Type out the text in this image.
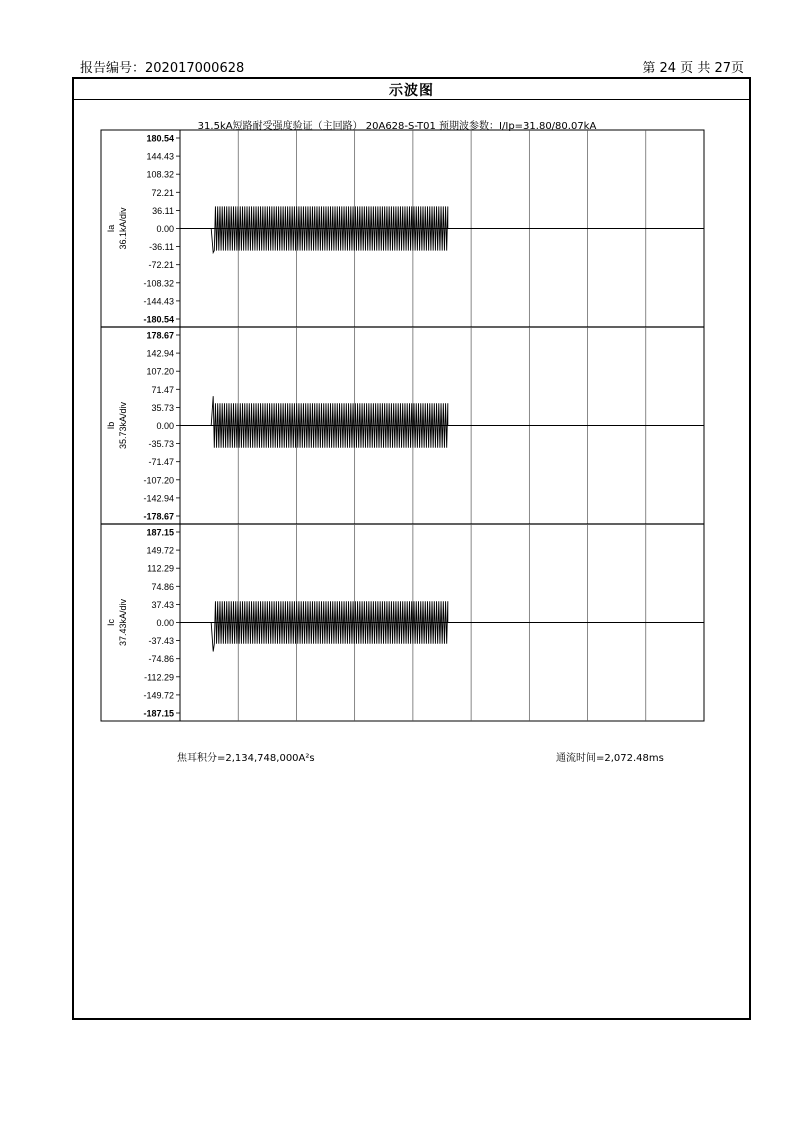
报告编号：202017000628	第 24 页 共 27页
示波图
31.5kA短路耐受强度验证（主回路） 20A628-S-T01 预期波参数：I/Ip=31.80/80.07kA
180.54
144.43
108.32
72.21
36.11
0.00
-36.11
-72.21
-108.32
-144.43
-180.54
Ia 36.1kA/div
178.67
142.94
107.20
71.47
35.73
0.00
-35.73
-71.47
-107.20
-142.94
-178.67
Ib 35.73kA/div
187.15
149.72
112.29
74.86
37.43
0.00
-37.43
-74.86
-112.29
-149.72
-187.15
Ic 37.43kA/div
焦耳积分=2,134,748,000A²s	通流时间=2,072.48ms
